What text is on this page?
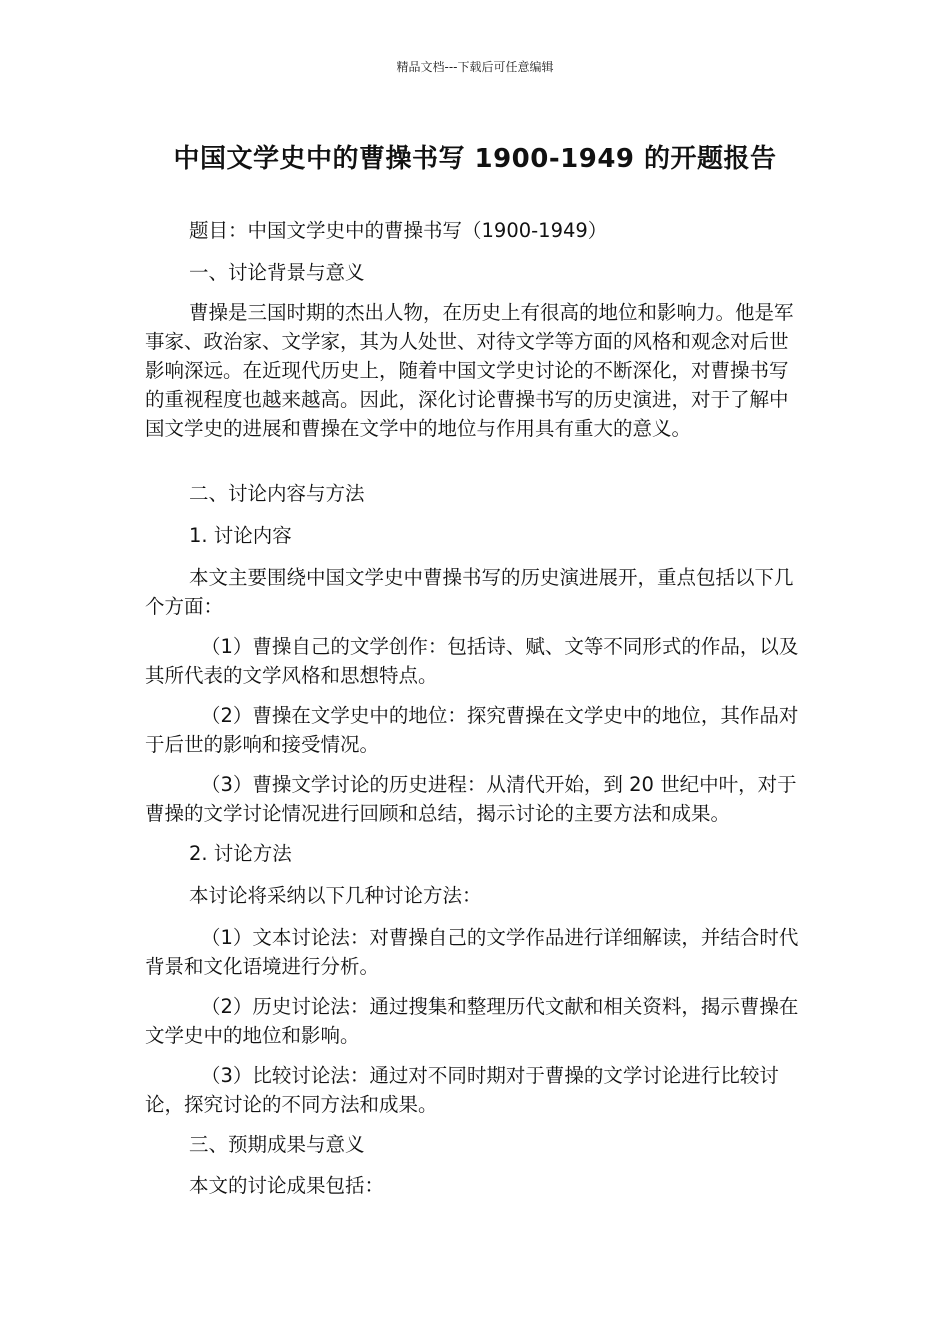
精品文档---下载后可任意编辑
中国文学史中的曹操书写 1900-1949 的开题报告

题目：中国文学史中的曹操书写（1900-1949）

一、讨论背景与意义

曹操是三国时期的杰出人物，在历史上有很高的地位和影响力。他是军事家、政治家、文学家，其为人处世、对待文学等方面的风格和观念对后世影响深远。在近现代历史上，随着中国文学史讨论的不断深化，对曹操书写的重视程度也越来越高。因此，深化讨论曹操书写的历史演进，对于了解中国文学史的进展和曹操在文学中的地位与作用具有重大的意义。

二、讨论内容与方法

1. 讨论内容

本文主要围绕中国文学史中曹操书写的历史演进展开，重点包括以下几个方面：

（1）曹操自己的文学创作：包括诗、赋、文等不同形式的作品，以及其所代表的文学风格和思想特点。

（2）曹操在文学史中的地位：探究曹操在文学史中的地位，其作品对于后世的影响和接受情况。

（3）曹操文学讨论的历史进程：从清代开始，到 20 世纪中叶，对于曹操的文学讨论情况进行回顾和总结，揭示讨论的主要方法和成果。

2. 讨论方法

本讨论将采纳以下几种讨论方法：

（1）文本讨论法：对曹操自己的文学作品进行详细解读，并结合时代背景和文化语境进行分析。

（2）历史讨论法：通过搜集和整理历代文献和相关资料，揭示曹操在文学史中的地位和影响。

（3）比较讨论法：通过对不同时期对于曹操的文学讨论进行比较讨论，探究讨论的不同方法和成果。

三、预期成果与意义

本文的讨论成果包括：
